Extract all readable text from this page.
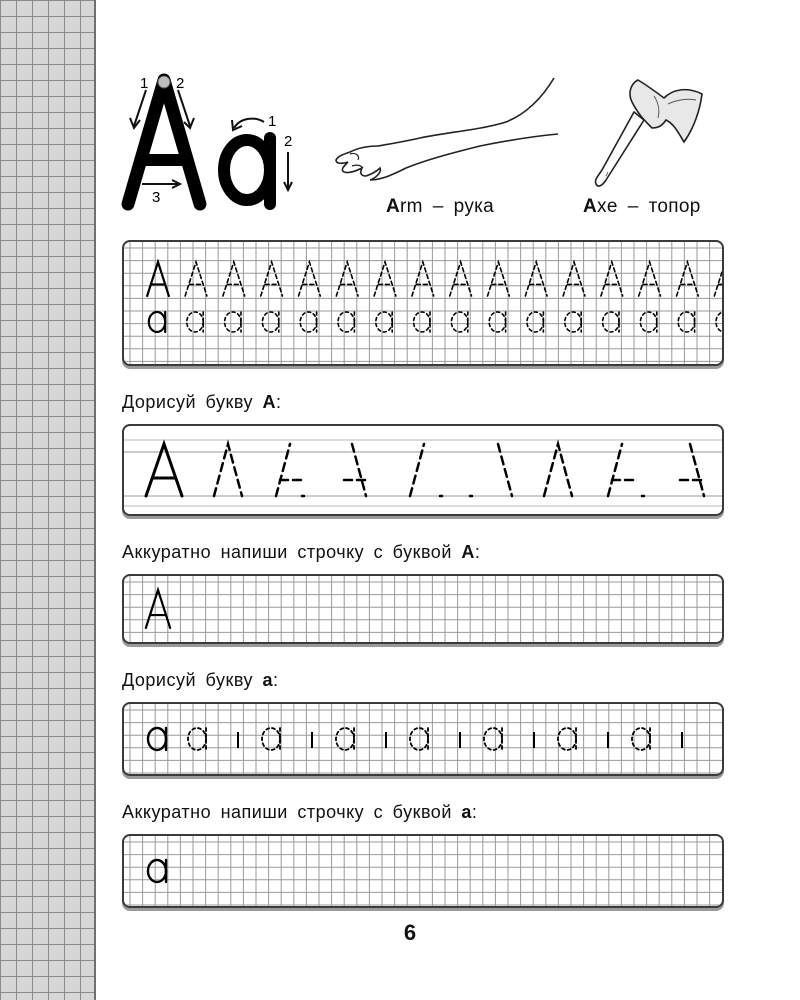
1 2
3
1
2
Arm – рука	Axe – топор
Дорисуй букву A:
Аккуратно напиши строчку с буквой A:
Дорисуй букву a:
Аккуратно напиши строчку с буквой a:
6
